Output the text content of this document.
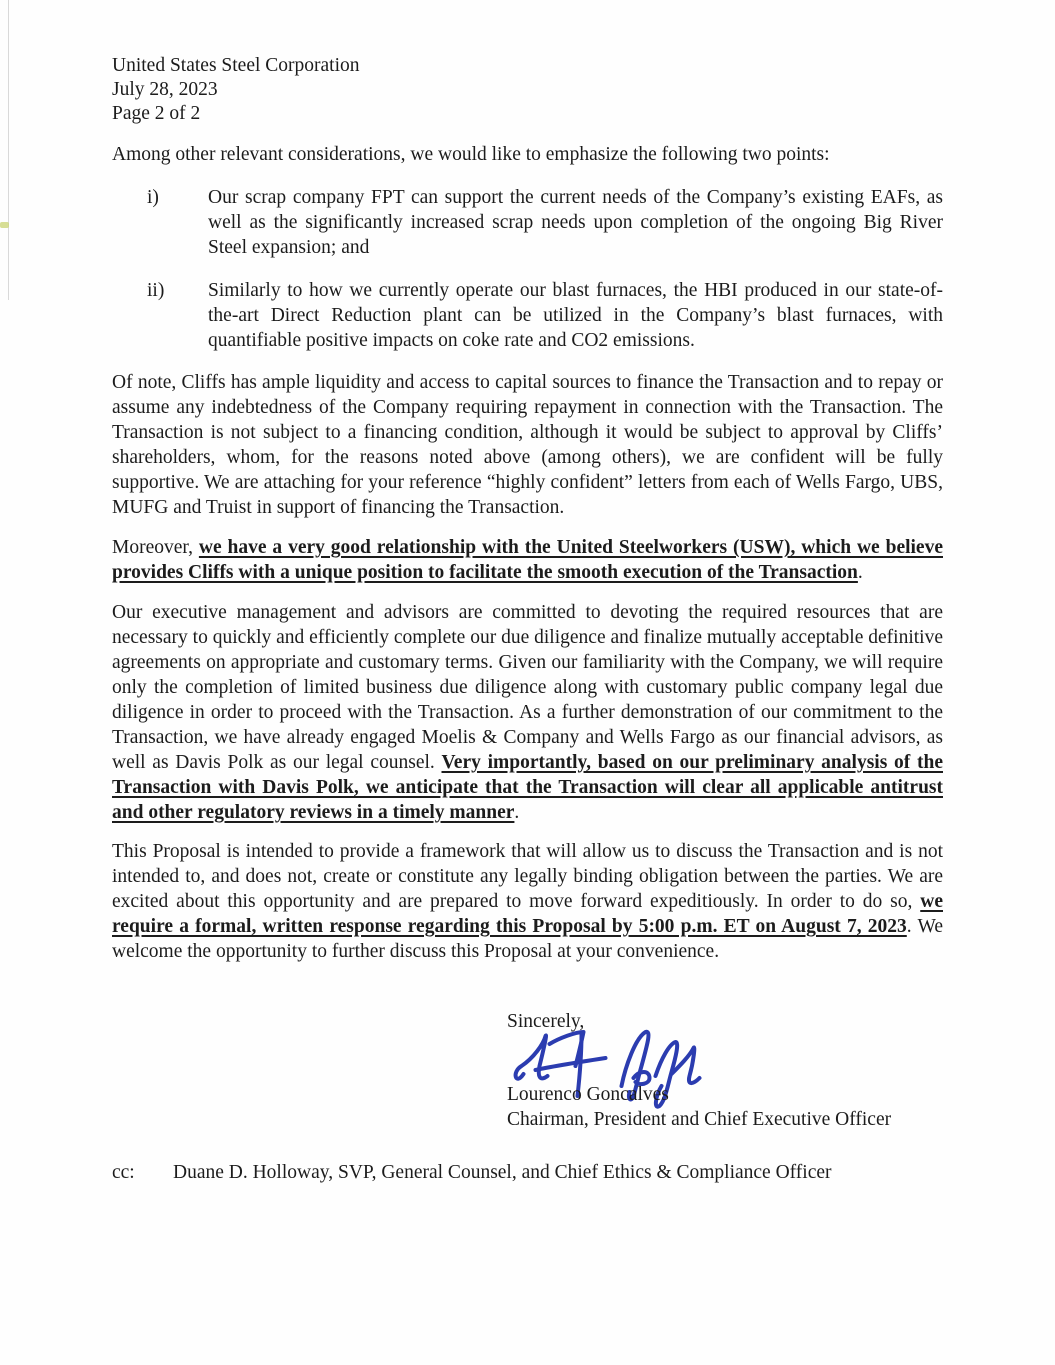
United States Steel Corporation
July 28, 2023
Page 2 of 2

Among other relevant considerations, we would like to emphasize the following two points:

i)	Our scrap company FPT can support the current needs of the Company’s existing EAFs, as well as the significantly increased scrap needs upon completion of the ongoing Big River Steel expansion; and
ii) Similarly to how we currently operate our blast furnaces, the HBI produced in our state-of-the-art Direct Reduction plant can be utilized in the Company’s blast furnaces, with quantifiable positive impacts on coke rate and CO2 emissions.

Of note, Cliffs has ample liquidity and access to capital sources to finance the Transaction and to repay or assume any indebtedness of the Company requiring repayment in connection with the Transaction. The Transaction is not subject to a financing condition, although it would be subject to approval by Cliffs’ shareholders, whom, for the reasons noted above (among others), we are confident will be fully supportive. We are attaching for your reference “highly confident” letters from each of Wells Fargo, UBS, MUFG and Truist in support of financing the Transaction.

Moreover, we have a very good relationship with the United Steelworkers (USW), which we believe provides Cliffs with a unique position to facilitate the smooth execution of the Transaction.

Our executive management and advisors are committed to devoting the required resources that are necessary to quickly and efficiently complete our due diligence and finalize mutually acceptable definitive agreements on appropriate and customary terms. Given our familiarity with the Company, we will require only the completion of limited business due diligence along with customary public company legal due diligence in order to proceed with the Transaction. As a further demonstration of our commitment to the Transaction, we have already engaged Moelis & Company and Wells Fargo as our financial advisors, as well as Davis Polk as our legal counsel. Very importantly, based on our preliminary analysis of the Transaction with Davis Polk, we anticipate that the Transaction will clear all applicable antitrust and other regulatory reviews in a timely manner.

This Proposal is intended to provide a framework that will allow us to discuss the Transaction and is not intended to, and does not, create or constitute any legally binding obligation between the parties. We are excited about this opportunity and are prepared to move forward expeditiously. In order to do so, we require a formal, written response regarding this Proposal by 5:00 p.m. ET on August 7, 2023. We welcome the opportunity to further discuss this Proposal at your convenience.

Sincerely,
Lourenco Goncalves
Chairman, President and Chief Executive Officer
cc:	Duane D. Holloway, SVP, General Counsel, and Chief Ethics & Compliance Officer
